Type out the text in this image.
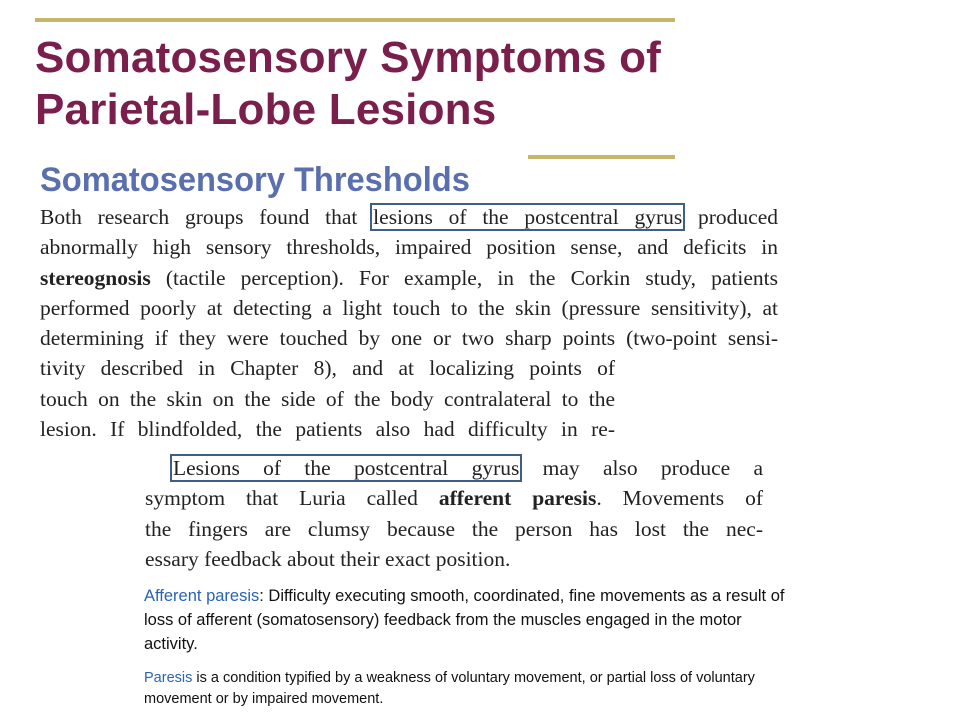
Somatosensory Symptoms of
Parietal-Lobe Lesions
Somatosensory Thresholds

Both research groups found that lesions of the postcentral gyrus produced
abnormally high sensory thresholds, impaired position sense, and deficits in
stereognosis (tactile perception). For example, in the Corkin study, patients
performed poorly at detecting a light touch to the skin (pressure sensitivity), at
determining if they were touched by one or two sharp points (two-point sensi-
tivity described in Chapter 8), and at localizing points of
touch on the skin on the side of the body contralateral to the
lesion. If blindfolded, the patients also had difficulty in re-

Lesions of the postcentral gyrus may also produce a
symptom that Luria called afferent paresis. Movements of
the fingers are clumsy because the person has lost the nec-
essary feedback about their exact position.

Afferent paresis: Difficulty executing smooth, coordinated, fine movements as a result of loss of afferent (somatosensory) feedback from the muscles engaged in the motor activity.

Paresis is a condition typified by a weakness of voluntary movement, or partial loss of voluntary movement or by impaired movement.
